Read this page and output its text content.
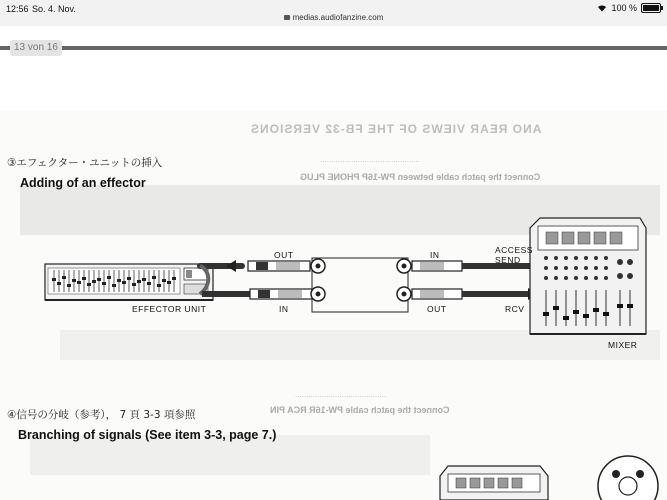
12:56 So. 4. Nov.
medias.audiofanzine.com
100 %
13 von 16
ANO REAR VIEWS OF THE FB-32 VERSIONS
.............................................
Connect the patch cable between PW-16P PHONE PLUG
.........................................
Connect the patch cable PW-16R RCA PIN
③エフェクター・ユニットの挿入
Adding of an effector
OUT	IN	ACCESS
SEND
EFFECTOR UNIT	IN	OUT	RCV
MIXER
④信号の分岐（参考）， 7 頁 3-3 項参照
Branching of signals (See item 3-3, page 7.)
